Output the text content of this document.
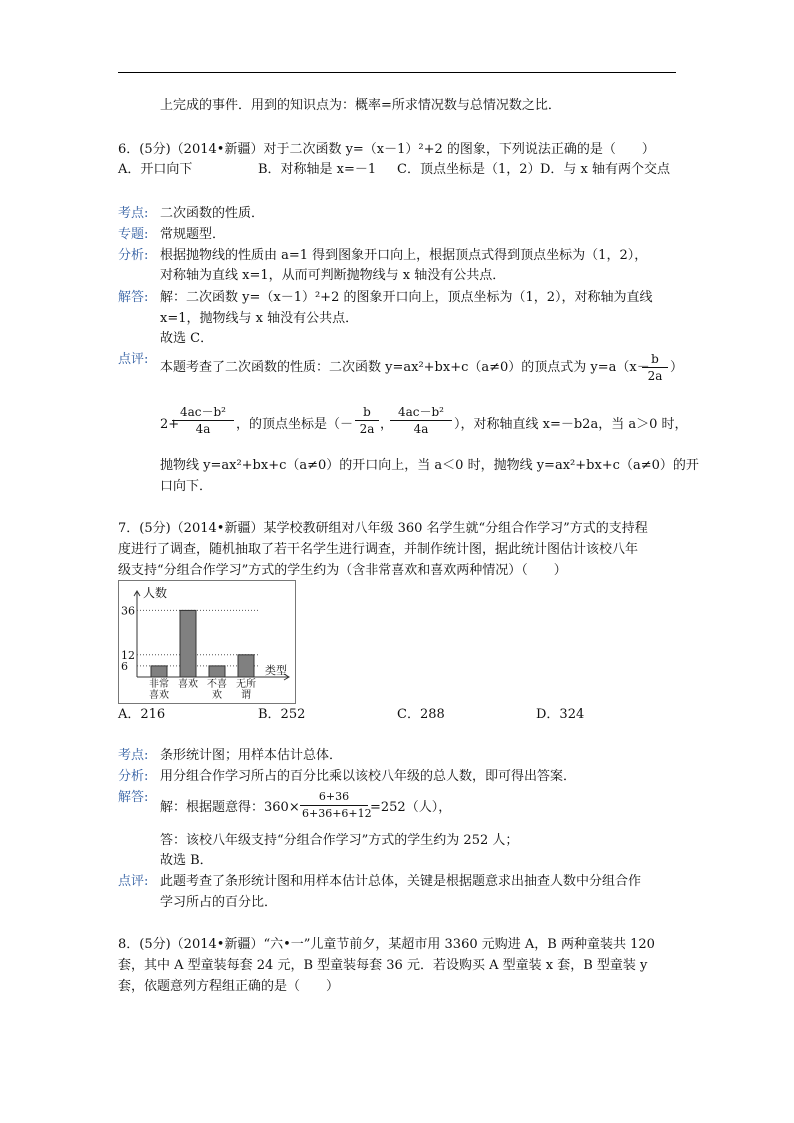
上完成的事件．用到的知识点为：概率=所求情况数与总情况数之比．
6．(5分)（2014•新疆）对于二次函数 y=（x－1）²+2 的图象，下列说法正确的是（　　）
A．开口向下	B．对称轴是 x=－1 C．顶点坐标是（1，2） D．与 x 轴有两个交点
考点: 二次函数的性质．
专题: 常规题型．
分析: 根据抛物线的性质由 a=1 得到图象开口向上，根据顶点式得到顶点坐标为（1，2），
对称轴为直线 x=1，从而可判断抛物线与 x 轴没有公共点．
解答: 解：二次函数 y=（x－1）²+2 的图象开口向上，顶点坐标为（1，2），对称轴为直线
x=1，抛物线与 x 轴没有公共点．
故选 C．
点评:
本题考查了二次函数的性质：二次函数 y=ax²+bx+c（a≠0）的顶点式为 y=a（x－
b
2a
）
2+
4ac－b²
4a	，的顶点坐标是（－
b
2a ，
4ac－b²
4a	），对称轴直线 x=－b2a，当 a＞0 时，
抛物线 y=ax²+bx+c（a≠0）的开口向上，当 a＜0 时，抛物线 y=ax²+bx+c（a≠0）的开
口向下．
7．(5分)（2014•新疆）某学校教研组对八年级 360 名学生就“分组合作学习”方式的支持程
度进行了调查，随机抽取了若干名学生进行调查，并制作统计图，据此统计图估计该校八年
级支持“分组合作学习”方式的学生约为（含非常喜欢和喜欢两种情况）（　　）
人数
类型
36
12
6
非常
喜欢
喜欢 不喜
欢
无所
谓
A．216	B．252	C．288	D．324
考点: 条形统计图；用样本估计总体．
分析: 用分组合作学习所占的百分比乘以该校八年级的总人数，即可得出答案．
解答:
解：根据题意得：360×
6+36
6+36+6+12
=252（人），
答：该校八年级支持“分组合作学习”方式的学生约为 252 人；
故选 B．
点评: 此题考查了条形统计图和用样本估计总体，关键是根据题意求出抽查人数中分组合作
学习所占的百分比．
8．(5分)（2014•新疆）“六•一”儿童节前夕，某超市用 3360 元购进 A，B 两种童装共 120
套，其中 A 型童装每套 24 元，B 型童装每套 36 元．若设购买 A 型童装 x 套，B 型童装 y
套，依题意列方程组正确的是（　　）
